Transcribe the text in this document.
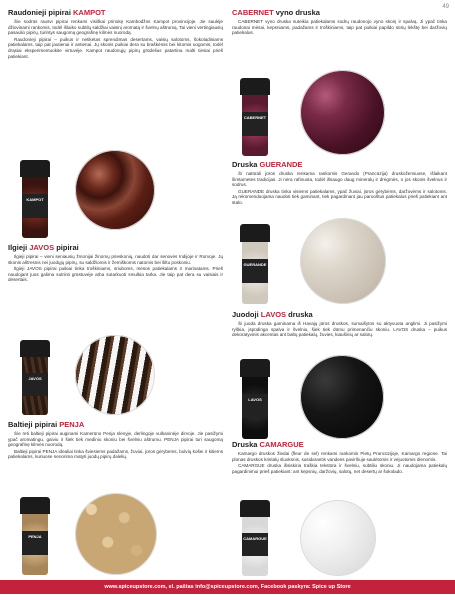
49
Raudonieji pipirai KAMPOT

Šie sodrūs rausvi pipirai renkami visiškai prinokę Kambodžos Kampot provincijoje. Jie saulėje džiovinami rankomis, todėl išlaiko subtilų saldžiai vaisinį aromatą ir švelnų aštrumą. Tai vieni vertingiausių pasaulio pipirų, turintys saugomą geografinę kilmės nuorodą.

Raudonieji pipirai – puikus ir netikėtas sprendimas desertams, vaisių salotoms, šokoladiniams patiekalams, taip pat jautienai ir antienai. Jų skonis puikiai dera su braškėmis bei kitomis uogomis, todėl drąsiai eksperimentuokite virtuvėje. Kampot raudonųjų pipirų grūdelius patartina malti tiesiai prieš patiekiant.

KAMPOT
Ilgieji JAVOS pipirai

Ilgieji pipirai – vieni seniausių žmonijai žinomų prieskonių, naudoti dar senovės Indijoje ir Romoje. Jų skonis aštresnis nei juodųjų pipirų, su saldžiomis ir žemiškomis natomis bei šiltu poskoniu.

Ilgieji JAVOS pipirai puikiai tinka troškiniams, sriuboms, mėsos patiekalams ir marinatams. Prieš naudojant juos galima sutrinti grūstuvėje arba sutarkuoti smulkia tarka. Jie taip pat dera su vaisiais ir desertais.

JAVOS
Baltieji pipirai PENJA

Šie reti baltieji pipirai auginami Kamerūno Penja slėnyje, derlingoje vulkaninėje dirvoje. Jie pasižymi ypač aromatingu, gaiviu ir šiek tiek mediniu skoniu bei švelniu aštrumu. PENJA pipirai turi saugomą geografinę kilmės nuorodą.

Baltieji pipirai PENJA idealiai tinka šviesiems padažams, žuviai, jūros gėrybėms, bulvių košei ir kitiems patiekalams, kuriuose nenorima matyti juodų pipirų dalelių.

PENJA
CABERNET vyno druska

CABERNET vyno druska suteikia patiekalams sodrų raudonojo vyno skonį ir spalvą. Ji ypač tinka raudonai mėsai, kepsniams, padažams ir troškiniams, taip pat puikiai papildo sūrių lėkštę bei daržovių patiekalus.

CABERNET
Druska GUERANDE

Ši natūrali jūros druska renkama rankomis Gerando (Prancūzija) druskožemiuose, išlaikant šimtametes tradicijas. Ji nėra rafinuota, todėl išsaugo daug mineralų ir drėgmės, o jos skonis švelnus ir sodrus.

GUERANDE druska tinka visiems patiekalams, ypač žuviai, jūros gėrybėms, daržovėms ir salotoms. Ją rekomenduojama naudoti tiek gaminant, tiek pagardinant jau paruoštus patiekalus prieš patiekiant ant stalo.

GUERANDE
Juodoji LAVOS druska

Ši juoda druska gaminama iš Havajų jūros druskos, sumaišytos su aktyvuota anglimi. Ji pasižymi ryškia, įspūdinga spalva ir švelniu, šiek tiek dūmu primenančiu skoniu. LAVOS druska – puikus dekoratyvinis akcentas ant baltų patiekalų, žuvies, kiaušinių ar salotų.

LAVOS
Druska CAMARGUE

Kamargo druskos žiedai (fleur de sel) renkami rankomis Pietų Prancūzijoje, Kamargo regione. Tai plonas druskos kristalų sluoksnis, susidarantis vandens paviršiuje saulėtomis ir vėjuotomis dienomis.

CAMARGUE druska išsiskiria traškia tekstūra ir švelniu, subtiliu skoniu. Ji naudojama patiekalų pagardinimui prieš patiekiant: ant kepsnių, daržovių, salotų, net desertų ar šokolado.

CAMARGUE
www.spiceupstore.com, el. paštas info@spiceupstore.com, Facebook paskyra: Spice up Store
